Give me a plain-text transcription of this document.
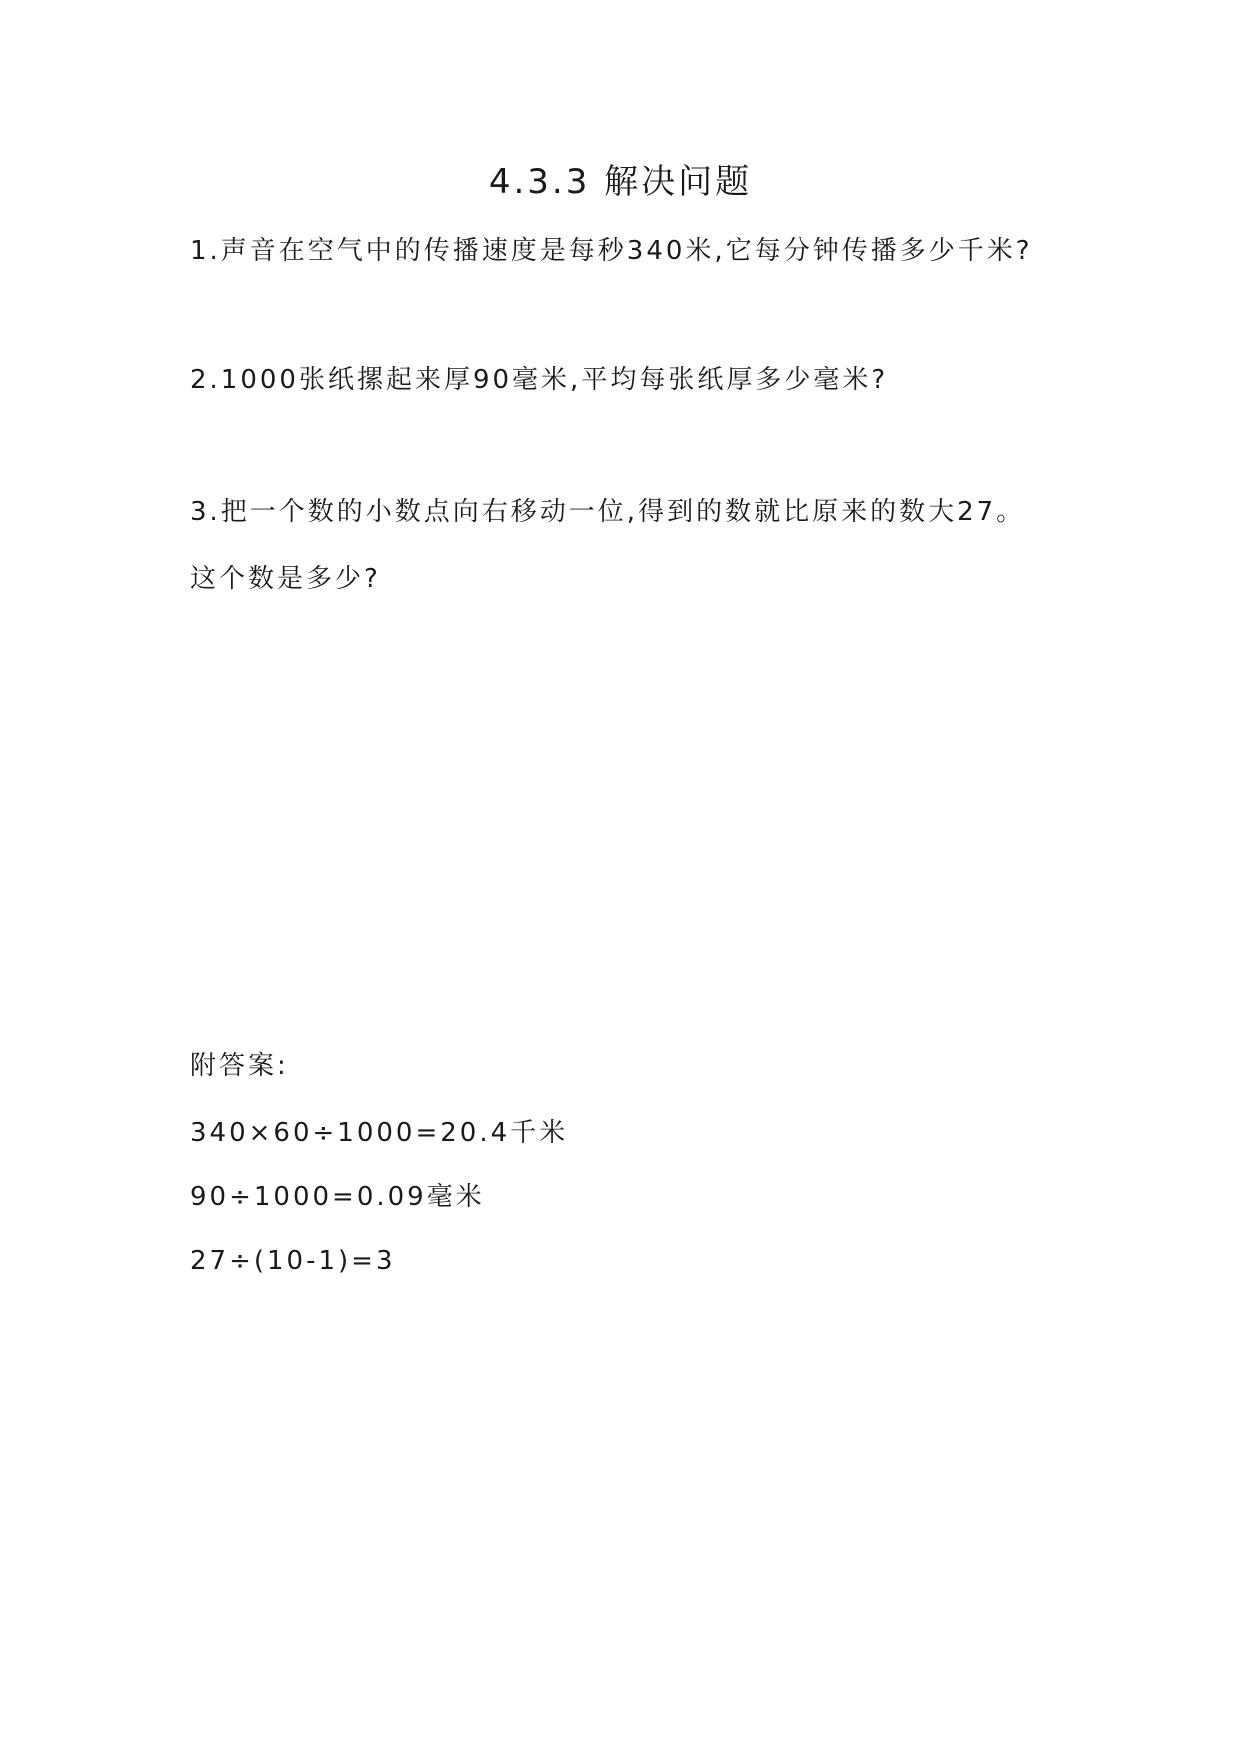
4.3.3 解决问题
1.声音在空气中的传播速度是每秒340米,它每分钟传播多少千米?
2.1000张纸摞起来厚90毫米,平均每张纸厚多少毫米?
3.把一个数的小数点向右移动一位,得到的数就比原来的数大27。
这个数是多少?
附答案:
340×60÷1000=20.4千米
90÷1000=0.09毫米
27÷(10-1)=3
